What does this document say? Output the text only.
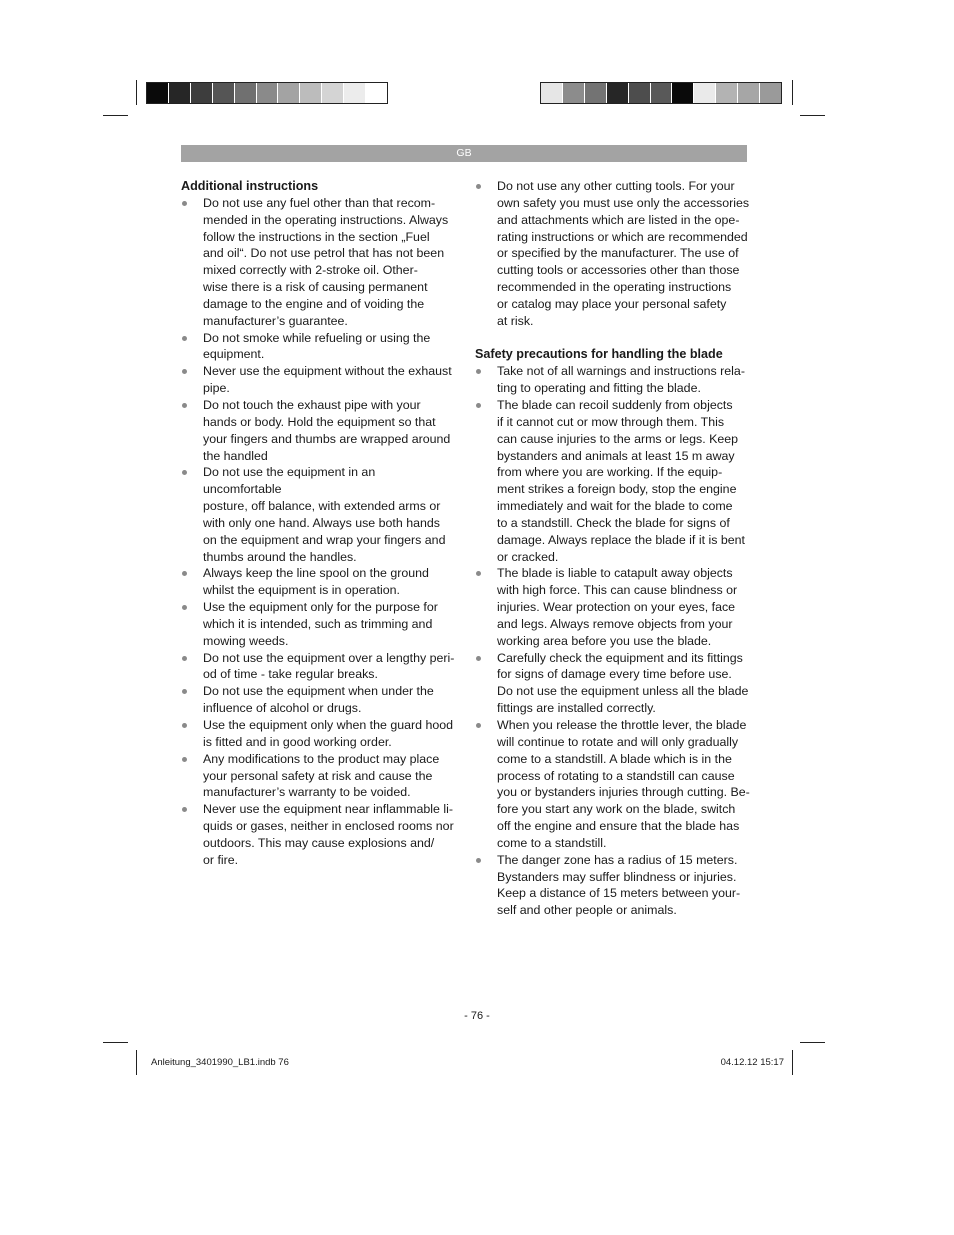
GB
Additional instructions
Do not use any fuel other than that recom-
mended in the operating instructions. Always
follow the instructions in the section „Fuel
and oil“. Do not use petrol that has not been
mixed correctly with 2-stroke oil. Other-
wise there is a risk of causing permanent
damage to the engine and of voiding the
manufacturer’s guarantee.
Do not smoke while refueling or using the
equipment.
Never use the equipment without the exhaust
pipe.
Do not touch the exhaust pipe with your
hands or body. Hold the equipment so that
your fingers and thumbs are wrapped around
the handled
Do not use the equipment in an uncomfortable
posture, off balance, with extended arms or
with only one hand. Always use both hands
on the equipment and wrap your fingers and
thumbs around the handles.
Always keep the line spool on the ground
whilst the equipment is in operation.
Use the equipment only for the purpose for
which it is intended, such as trimming and
mowing weeds.
Do not use the equipment over a lengthy peri-
od of time - take regular breaks.
Do not use the equipment when under the
influence of alcohol or drugs.
Use the equipment only when the guard hood
is fitted and in good working order.
Any modifications to the product may place
your personal safety at risk and cause the
manufacturer’s warranty to be voided.
Never use the equipment near inflammable li-
quids or gases, neither in enclosed rooms nor
outdoors. This may cause explosions and/
or fire.
Do not use any other cutting tools. For your
own safety you must use only the accessories
and attachments which are listed in the ope-
rating instructions or which are recommended
or specified by the manufacturer. The use of
cutting tools or accessories other than those
recommended in the operating instructions
or catalog may place your personal safety
at risk.
Safety precautions for handling the blade
Take not of all warnings and instructions rela-
ting to operating and fitting the blade.
The blade can recoil suddenly from objects
if it cannot cut or mow through them. This
can cause injuries to the arms or legs. Keep
bystanders and animals at least 15 m away
from where you are working. If the equip-
ment strikes a foreign body, stop the engine
immediately and wait for the blade to come
to a standstill. Check the blade for signs of
damage. Always replace the blade if it is bent
or cracked.
The blade is liable to catapult away objects
with high force. This can cause blindness or
injuries. Wear protection on your eyes, face
and legs. Always remove objects from your
working area before you use the blade.
Carefully check the equipment and its fittings
for signs of damage every time before use.
Do not use the equipment unless all the blade
fittings are installed correctly.
When you release the throttle lever, the blade
will continue to rotate and will only gradually
come to a standstill. A blade which is in the
process of rotating to a standstill can cause
you or bystanders injuries through cutting. Be-
fore you start any work on the blade, switch
off the engine and ensure that the blade has
come to a standstill.
The danger zone has a radius of 15 meters.
Bystanders may suffer blindness or injuries.
Keep a distance of 15 meters between your-
self and other people or animals.
- 76 -
Anleitung_3401990_LB1.indb 76	04.12.12 15:17
